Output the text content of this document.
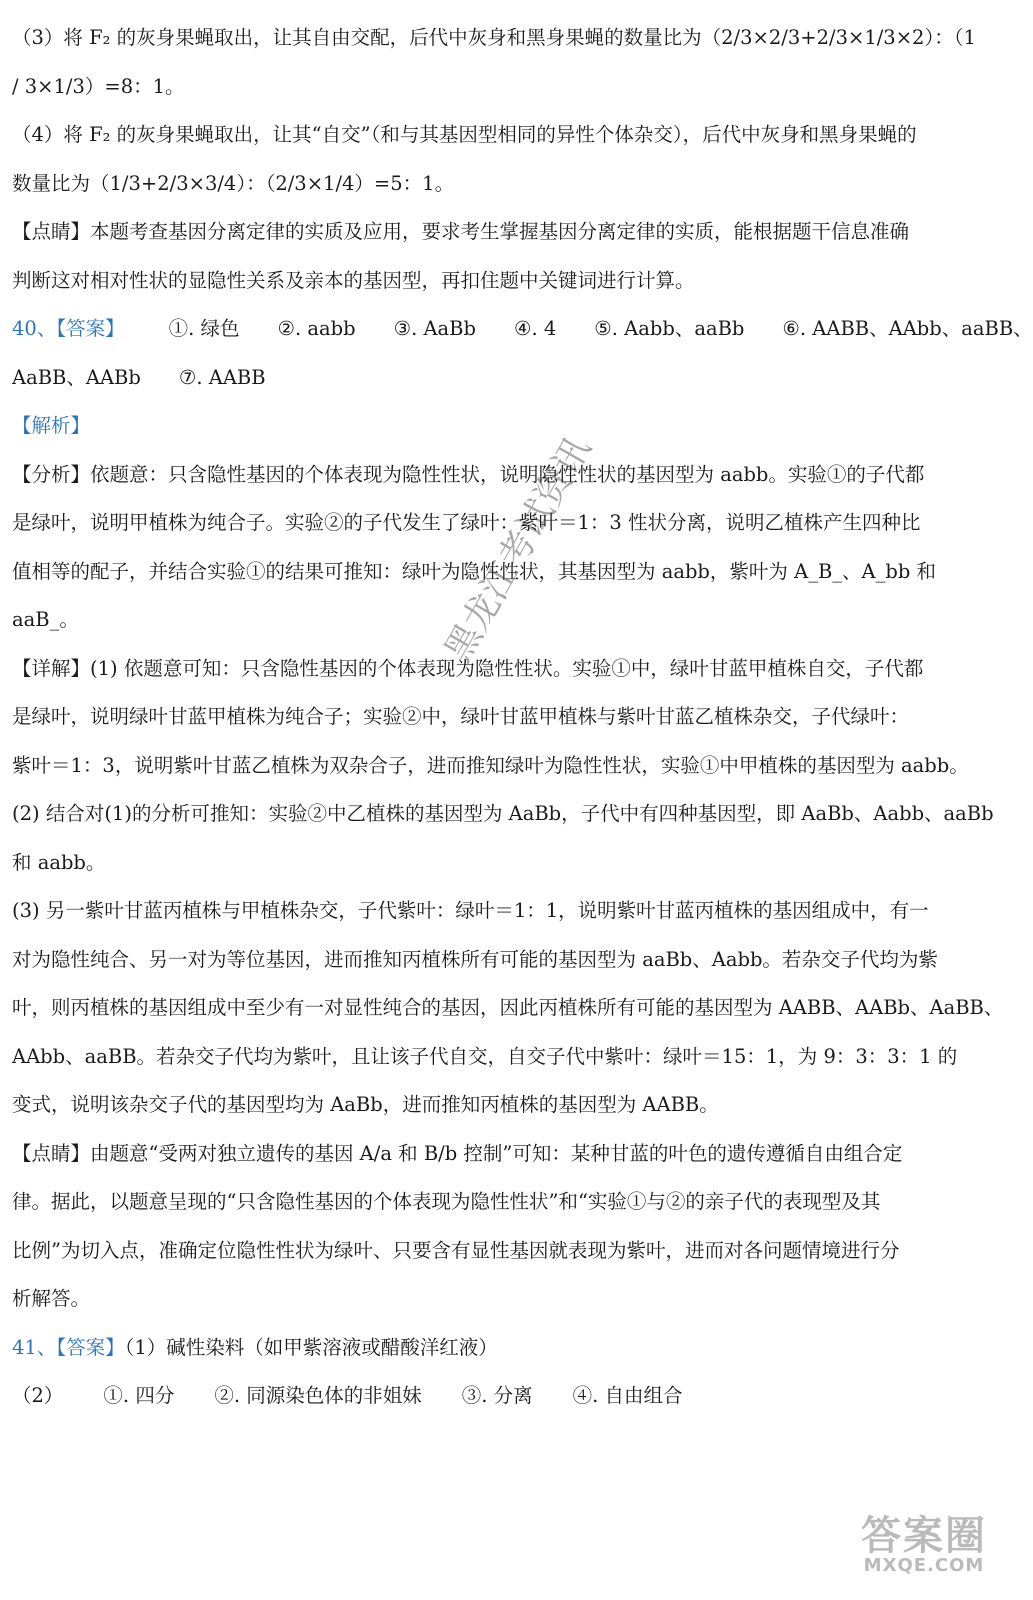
（3）将 F₂ 的灰身果蝇取出，让其自由交配，后代中灰身和黑身果蝇的数量比为（2/3×2/3+2/3×1/3×2）：（1
/ 3×1/3）=8：1。
（4）将 F₂ 的灰身果蝇取出，让其“自交”（和与其基因型相同的异性个体杂交），后代中灰身和黑身果蝇的
数量比为（1/3+2/3×3/4）：（2/3×1/4）=5：1。
【点睛】本题考查基因分离定律的实质及应用，要求考生掌握基因分离定律的实质，能根据题干信息准确
判断这对相对性状的显隐性关系及亲本的基因型，再扣住题中关键词进行计算。
40、【答案】 ①. 绿色 ②. aabb ③. AaBb ④. 4 ⑤. Aabb、aaBb ⑥. AABB、AAbb、aaBB、
AaBB、AABb ⑦. AABB
【解析】
【分析】依题意：只含隐性基因的个体表现为隐性性状，说明隐性性状的基因型为 aabb。实验①的子代都
是绿叶，说明甲植株为纯合子。实验②的子代发生了绿叶：紫叶＝1：3 性状分离，说明乙植株产生四种比
值相等的配子，并结合实验①的结果可推知：绿叶为隐性性状，其基因型为 aabb，紫叶为 A_B_、A_bb 和
aaB_。
【详解】(1) 依题意可知：只含隐性基因的个体表现为隐性性状。实验①中，绿叶甘蓝甲植株自交，子代都
是绿叶，说明绿叶甘蓝甲植株为纯合子；实验②中，绿叶甘蓝甲植株与紫叶甘蓝乙植株杂交，子代绿叶：
紫叶＝1：3，说明紫叶甘蓝乙植株为双杂合子，进而推知绿叶为隐性性状，实验①中甲植株的基因型为 aabb。
(2) 结合对(1)的分析可推知：实验②中乙植株的基因型为 AaBb，子代中有四种基因型，即 AaBb、Aabb、aaBb
和 aabb。
(3) 另一紫叶甘蓝丙植株与甲植株杂交，子代紫叶：绿叶＝1：1，说明紫叶甘蓝丙植株的基因组成中，有一
对为隐性纯合、另一对为等位基因，进而推知丙植株所有可能的基因型为 aaBb、Aabb。若杂交子代均为紫
叶，则丙植株的基因组成中至少有一对显性纯合的基因，因此丙植株所有可能的基因型为 AABB、AABb、AaBB、
AAbb、aaBB。若杂交子代均为紫叶，且让该子代自交，自交子代中紫叶：绿叶＝15：1，为 9：3：3：1 的
变式，说明该杂交子代的基因型均为 AaBb，进而推知丙植株的基因型为 AABB。
【点睛】由题意“受两对独立遗传的基因 A/a 和 B/b 控制”可知：某种甘蓝的叶色的遗传遵循自由组合定
律。据此，以题意呈现的“只含隐性基因的个体表现为隐性性状”和“实验①与②的亲子代的表现型及其
比例”为切入点，准确定位隐性性状为绿叶、只要含有显性基因就表现为紫叶，进而对各问题情境进行分
析解答。
41、【答案】（1）碱性染料（如甲紫溶液或醋酸洋红液）
（2） ①. 四分 ②. 同源染色体的非姐妹 ③. 分离 ④. 自由组合
黑龙江考试资讯
答案圈
MXQE.COM
